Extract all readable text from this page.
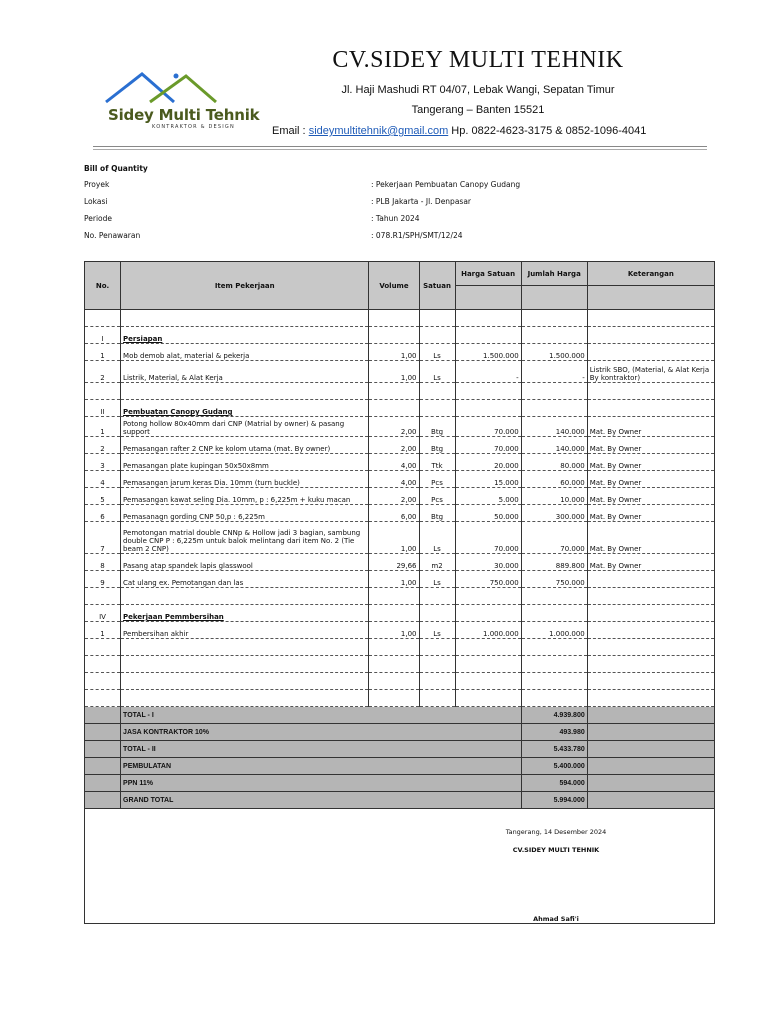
Sidey Multi Tehnik
KONTRAKTOR & DESIGN
CV.SIDEY MULTI TEHNIK
Jl. Haji Mashudi RT 04/07, Lebak Wangi, Sepatan Timur
Tangerang – Banten 15521
Email : sideymultitehnik@gmail.com Hp. 0822-4623-3175 & 0852-1096-4041
Bill of Quantity
Proyek	: Pekerjaan Pembuatan Canopy Gudang
Lokasi	: PLB Jakarta - Jl. Denpasar
Periode	: Tahun 2024
No. Penawaran	: 078.R1/SPH/SMT/12/24
No.	Item Pekerjaan	Volume	Satuan	Harga Satuan	Jumlah Harga	Keterangan

I	Persiapan					
1	Mob demob alat, material & pekerja	1,00	Ls	1.500.000	1.500.000	
2	Listrik, Material, & Alat Kerja	1,00	Ls	-	-	Listrik SBO, (Material, & Alat Kerja By kontraktor)

II	Pembuatan Canopy Gudang					
1	Potong hollow 80x40mm dari CNP (Matrial by owner) & pasang support	2,00	Btg	70.000	140.000	Mat. By Owner
2	Pemasangan rafter 2 CNP ke kolom utama (mat. By owner)	2,00	Btg	70.000	140.000	Mat. By Owner
3	Pemasangan plate kupingan 50x50x8mm	4,00	Ttk	20.000	80.000	Mat. By Owner
4	Pemasangan jarum keras Dia. 10mm (turn buckle)	4,00	Pcs	15.000	60.000	Mat. By Owner
5	Pemasangan kawat seling Dia. 10mm, p : 6,225m + kuku macan	2,00	Pcs	5.000	10.000	Mat. By Owner
6	Pemasanagn gording CNP 50,p : 6,225m	6,00	Btg	50.000	300.000	Mat. By Owner
7	Pemotongan matrial double CNNp & Hollow jadi 3 bagian, sambung double CNP P : 6,225m untuk balok melintang dari item No. 2 (Tie beam 2 CNP)	1,00	Ls	70.000	70.000	Mat. By Owner
8	Pasang atap spandek lapis glasswool	29,66	m2	30.000	889.800	Mat. By Owner
9	Cat ulang ex. Pemotangan dan las	1,00	Ls	750.000	750.000	

IV	Pekerjaan Pemmbersihan					
1	Pembersihan akhir	1,00	Ls	1.000.000	1.000.000	

	TOTAL - I				4.939.800	
	JASA KONTRAKTOR 10%				493.980	
	TOTAL - II				5.433.780	
	PEMBULATAN				5.400.000	
	PPN 11%				594.000	
	GRAND TOTAL				5.994.000	
Tangerang, 14 Desember 2024
CV.SIDEY MULTI TEHNIK
Ahmad Safi'i
